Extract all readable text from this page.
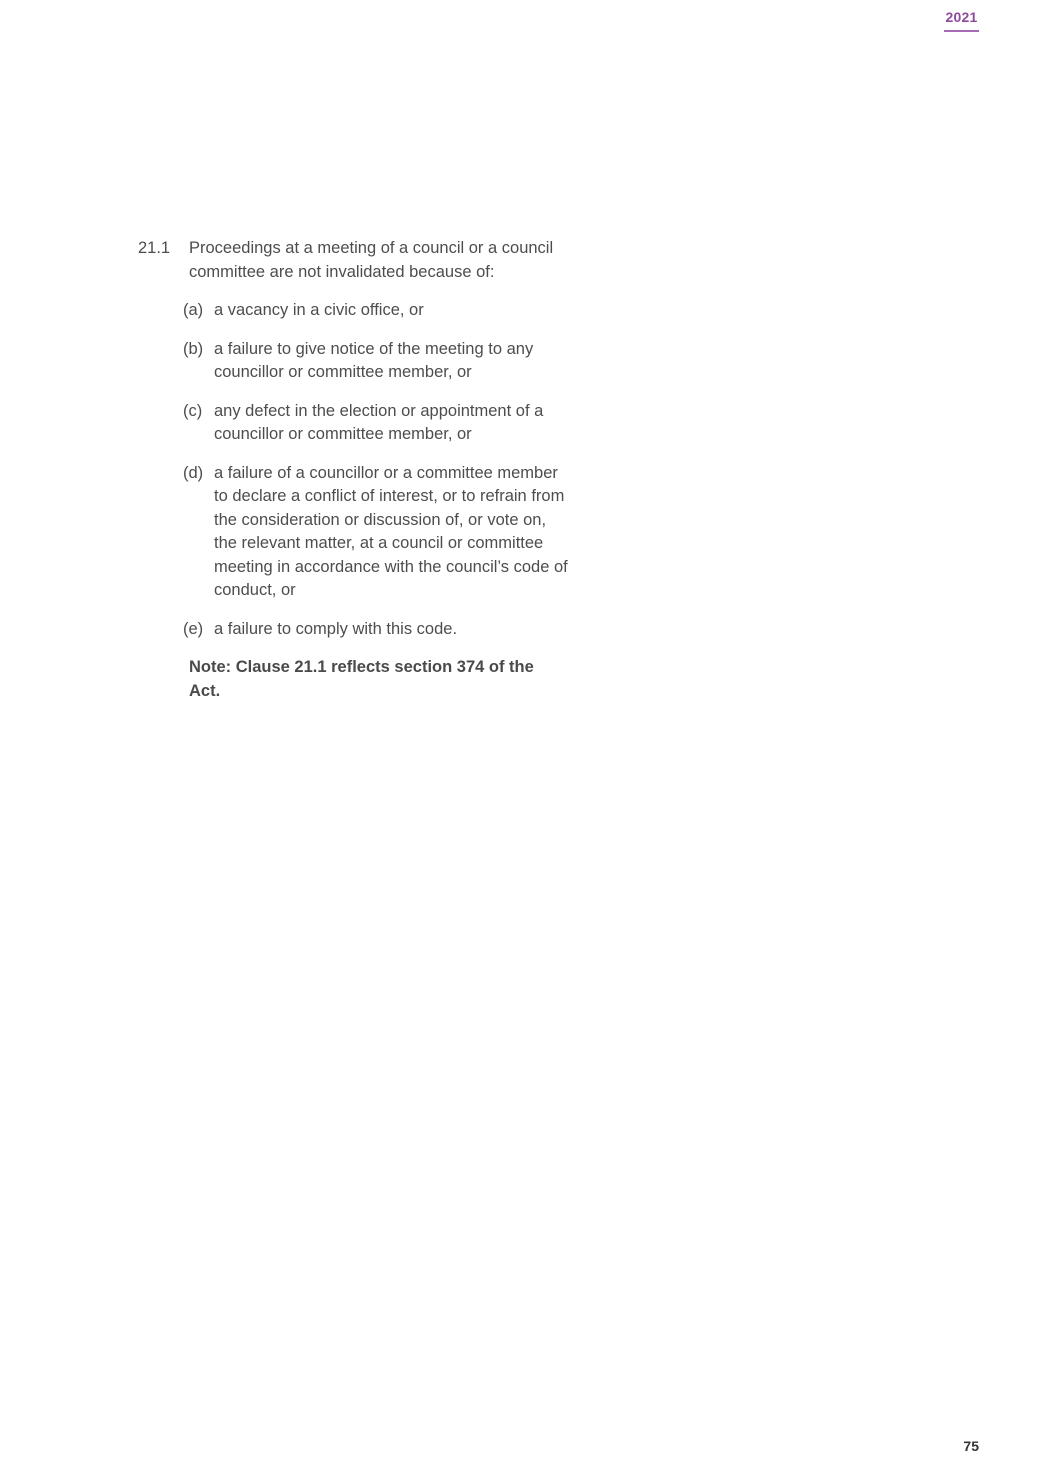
2021
21.1	Proceedings at a meeting of a council or a council committee are not invalidated because of:
(a) a vacancy in a civic office, or
(b) a failure to give notice of the meeting to any councillor or committee member, or
(c) any defect in the election or appointment of a councillor or committee member, or
(d) a failure of a councillor or a committee member to declare a conflict of interest, or to refrain from the consideration or discussion of, or vote on, the relevant matter, at a council or committee meeting in accordance with the council’s code of conduct, or
(e) a failure to comply with this code.
Note: Clause 21.1 reflects section 374 of the Act.
75
